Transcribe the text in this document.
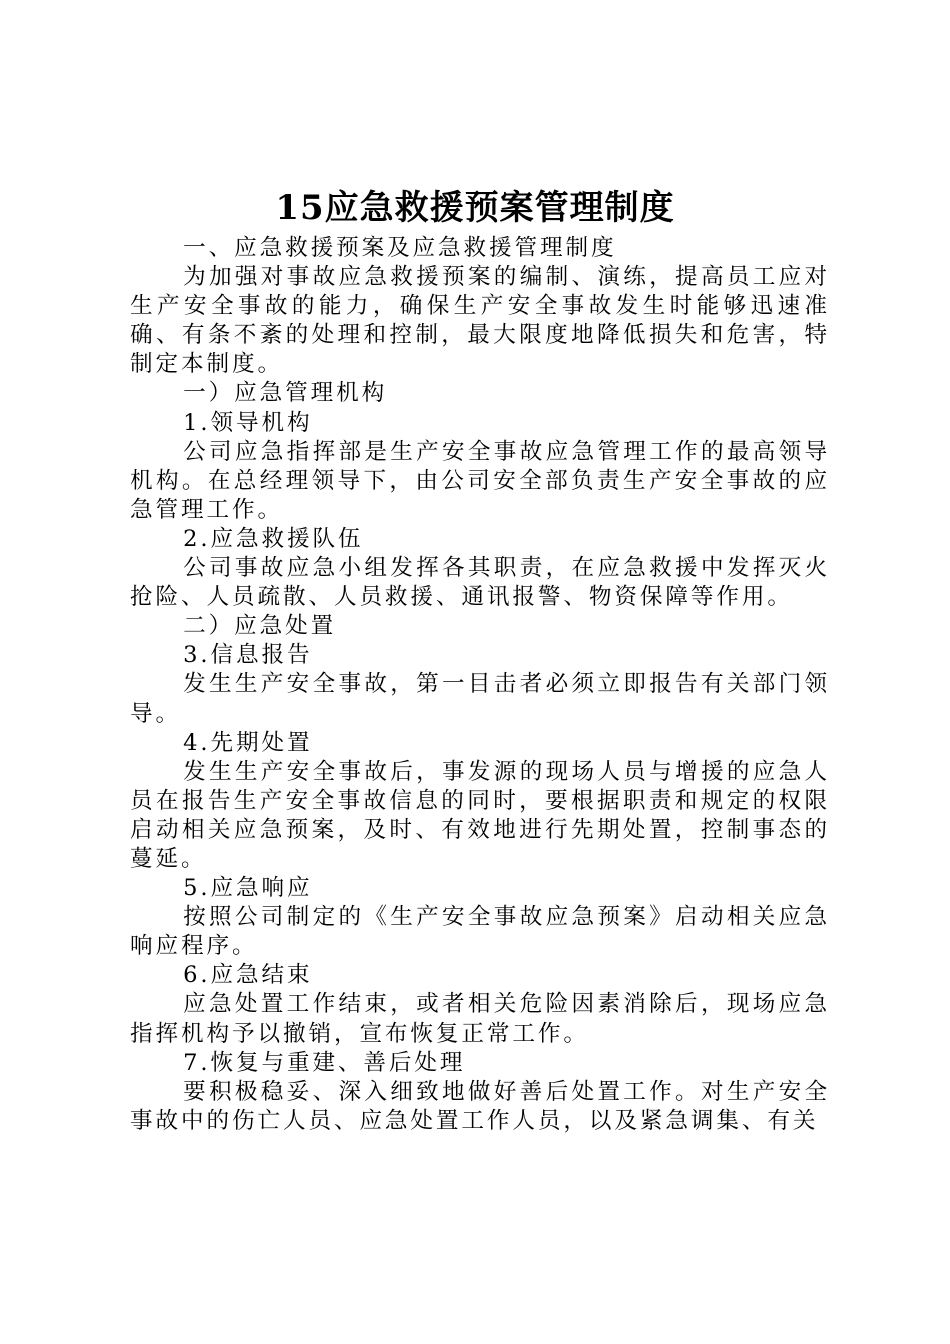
15应急救援预案管理制度

一、应急救援预案及应急救援管理制度

为加强对事故应急救援预案的编制、演练，提高员工应对生产安全事故的能力，确保生产安全事故发生时能够迅速准确、有条不紊的处理和控制，最大限度地降低损失和危害，特制定本制度。

一）应急管理机构

1.领导机构

公司应急指挥部是生产安全事故应急管理工作的最高领导机构。在总经理领导下，由公司安全部负责生产安全事故的应急管理工作。

2.应急救援队伍

公司事故应急小组发挥各其职责，在应急救援中发挥灭火抢险、人员疏散、人员救援、通讯报警、物资保障等作用。

二）应急处置

3.信息报告

发生生产安全事故，第一目击者必须立即报告有关部门领导。

4.先期处置

发生生产安全事故后，事发源的现场人员与增援的应急人员在报告生产安全事故信息的同时，要根据职责和规定的权限启动相关应急预案，及时、有效地进行先期处置，控制事态的蔓延。

5.应急响应

按照公司制定的《生产安全事故应急预案》启动相关应急响应程序。

6.应急结束

应急处置工作结束，或者相关危险因素消除后，现场应急指挥机构予以撤销，宣布恢复正常工作。

7.恢复与重建、善后处理

要积极稳妥、深入细致地做好善后处置工作。对生产安全事故中的伤亡人员、应急处置工作人员，以及紧急调集、有关
